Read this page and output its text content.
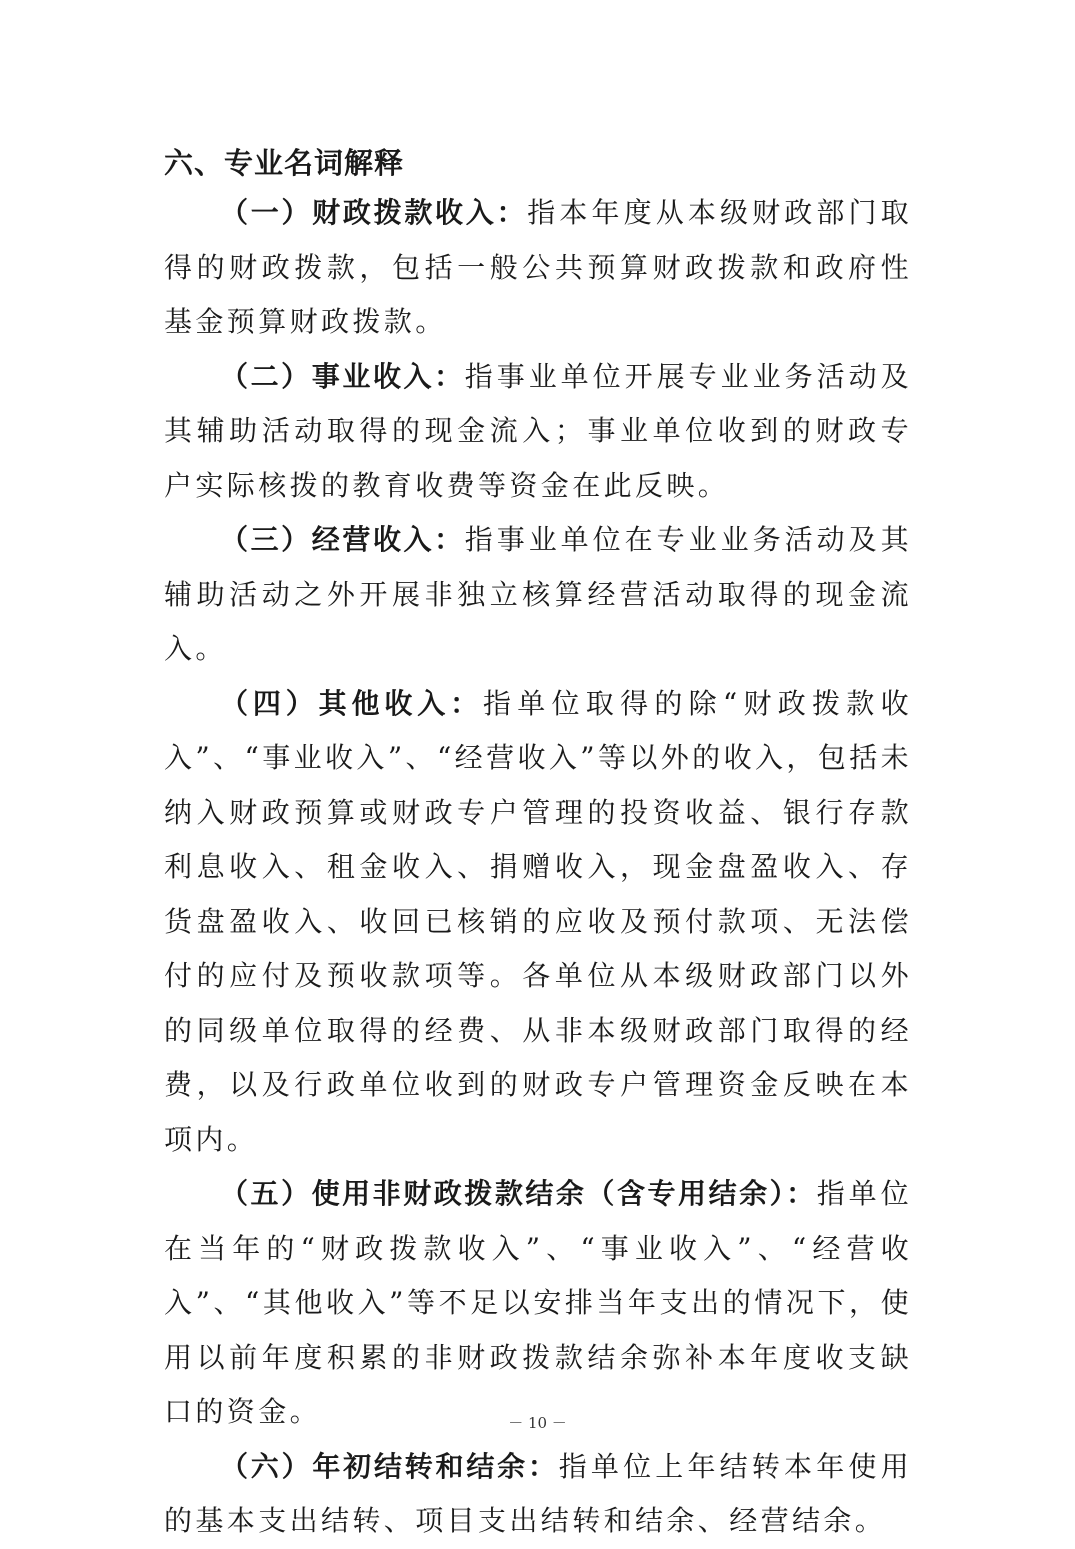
六、专业名词解释

（一）财政拨款收入：指本年度从本级财政部门取得的财政拨款，包括一般公共预算财政拨款和政府性基金预算财政拨款。

（二）事业收入：指事业单位开展专业业务活动及其辅助活动取得的现金流入；事业单位收到的财政专户实际核拨的教育收费等资金在此反映。

（三）经营收入：指事业单位在专业业务活动及其辅助活动之外开展非独立核算经营活动取得的现金流入。

（四）其他收入：指单位取得的除“财政拨款收入”、“事业收入”、“经营收入”等以外的收入，包括未纳入财政预算或财政专户管理的投资收益、银行存款利息收入、租金收入、捐赠收入，现金盘盈收入、存货盘盈收入、收回已核销的应收及预付款项、无法偿付的应付及预收款项等。各单位从本级财政部门以外的同级单位取得的经费、从非本级财政部门取得的经费，以及行政单位收到的财政专户管理资金反映在本项内。

（五）使用非财政拨款结余（含专用结余）：指单位在当年的“财政拨款收入”、“事业收入”、“经营收入”、“其他收入”等不足以安排当年支出的情况下，使用以前年度积累的非财政拨款结余弥补本年度收支缺口的资金。

（六）年初结转和结余：指单位上年结转本年使用的基本支出结转、项目支出结转和结余、经营结余。

－ 10 －
